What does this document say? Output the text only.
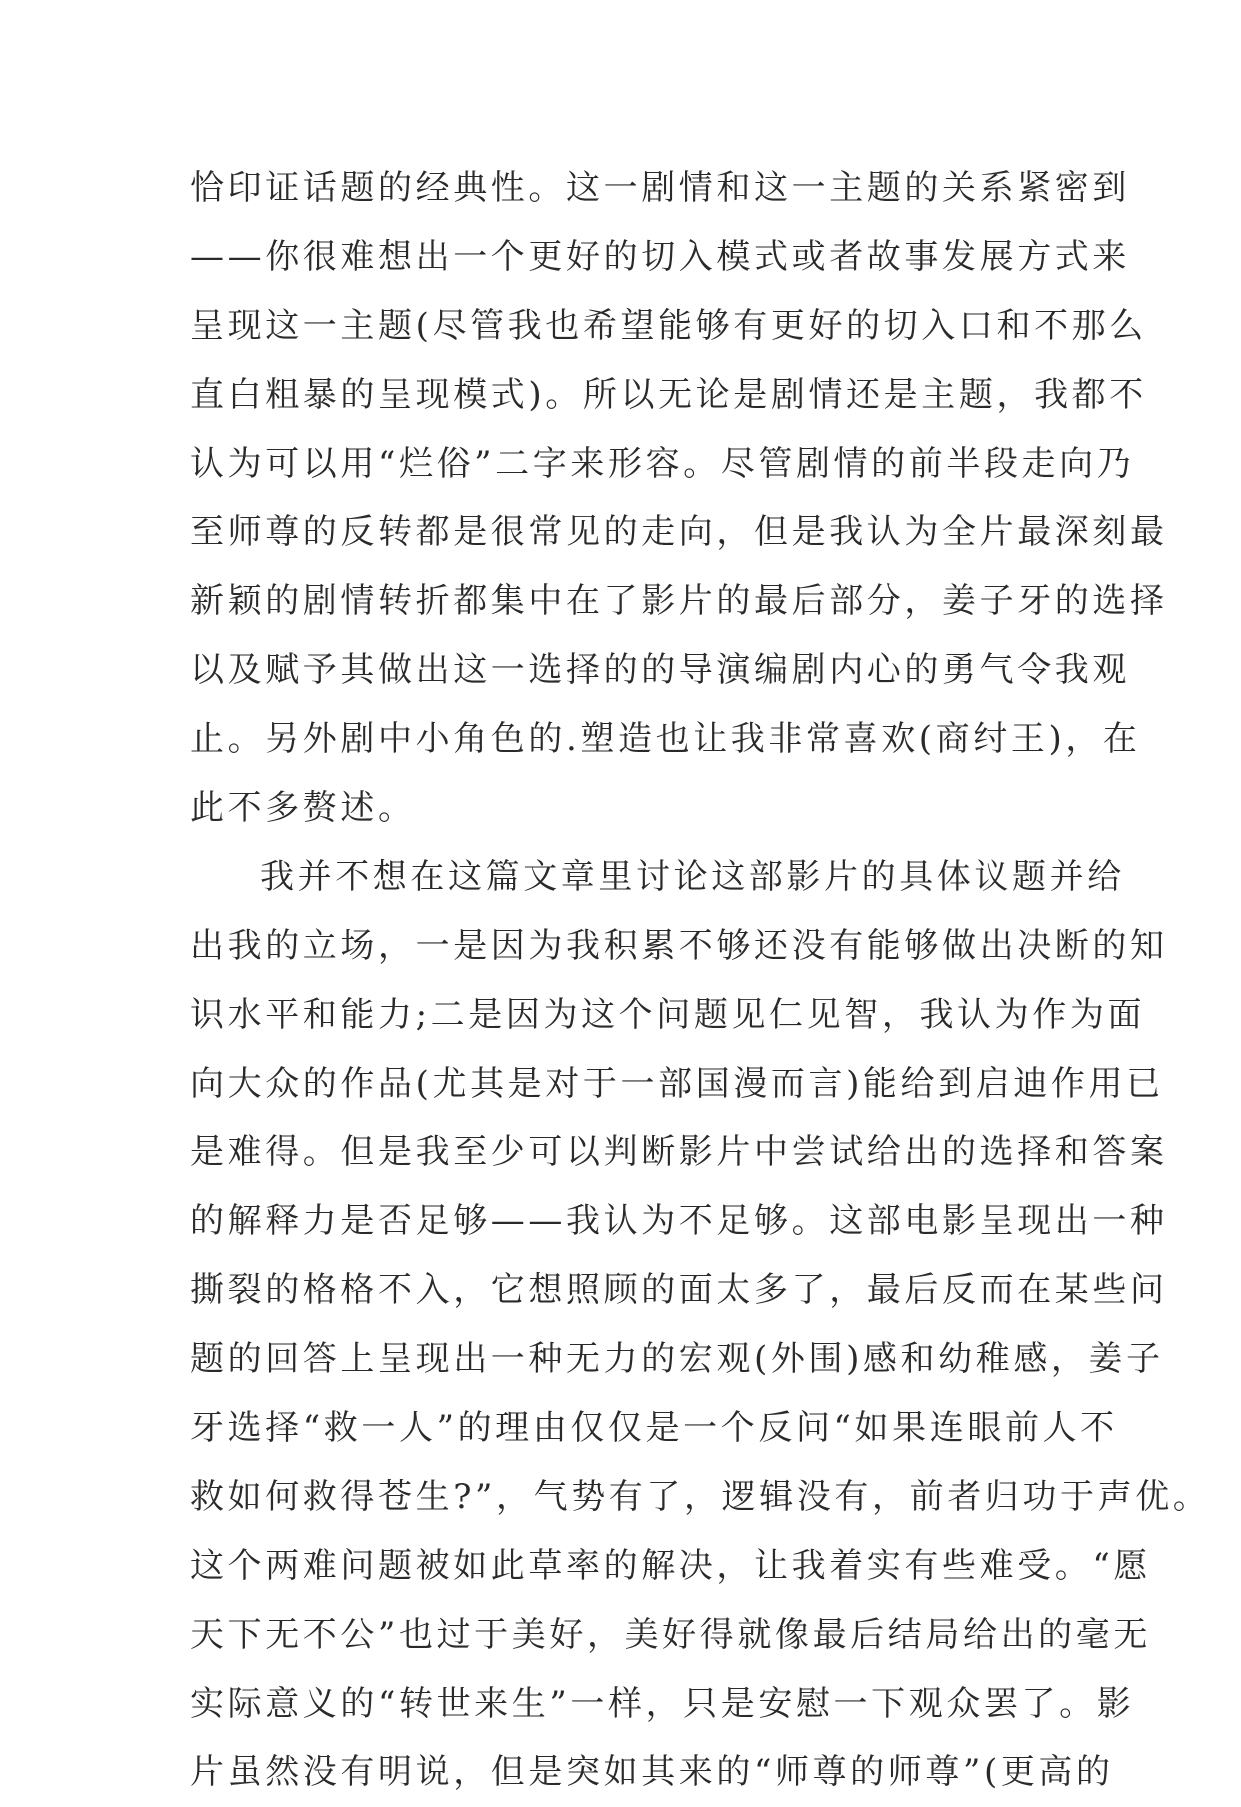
恰印证话题的经典性。这一剧情和这一主题的关系紧密到
——你很难想出一个更好的切入模式或者故事发展方式来
呈现这一主题(尽管我也希望能够有更好的切入口和不那么
直白粗暴的呈现模式)。所以无论是剧情还是主题，我都不
认为可以用“烂俗”二字来形容。尽管剧情的前半段走向乃
至师尊的反转都是很常见的走向，但是我认为全片最深刻最
新颖的剧情转折都集中在了影片的最后部分，姜子牙的选择
以及赋予其做出这一选择的的导演编剧内心的勇气令我观
止。另外剧中小角色的.塑造也让我非常喜欢(商纣王)，在
此不多赘述。
我并不想在这篇文章里讨论这部影片的具体议题并给
出我的立场，一是因为我积累不够还没有能够做出决断的知
识水平和能力;二是因为这个问题见仁见智，我认为作为面
向大众的作品(尤其是对于一部国漫而言)能给到启迪作用已
是难得。但是我至少可以判断影片中尝试给出的选择和答案
的解释力是否足够——我认为不足够。这部电影呈现出一种
撕裂的格格不入，它想照顾的面太多了，最后反而在某些问
题的回答上呈现出一种无力的宏观(外围)感和幼稚感，姜子
牙选择“救一人”的理由仅仅是一个反问“如果连眼前人不
救如何救得苍生?”，气势有了，逻辑没有，前者归功于声优。
这个两难问题被如此草率的解决，让我着实有些难受。“愿
天下无不公”也过于美好，美好得就像最后结局给出的毫无
实际意义的“转世来生”一样，只是安慰一下观众罢了。影
片虽然没有明说，但是突如其来的“师尊的师尊”(更高的
